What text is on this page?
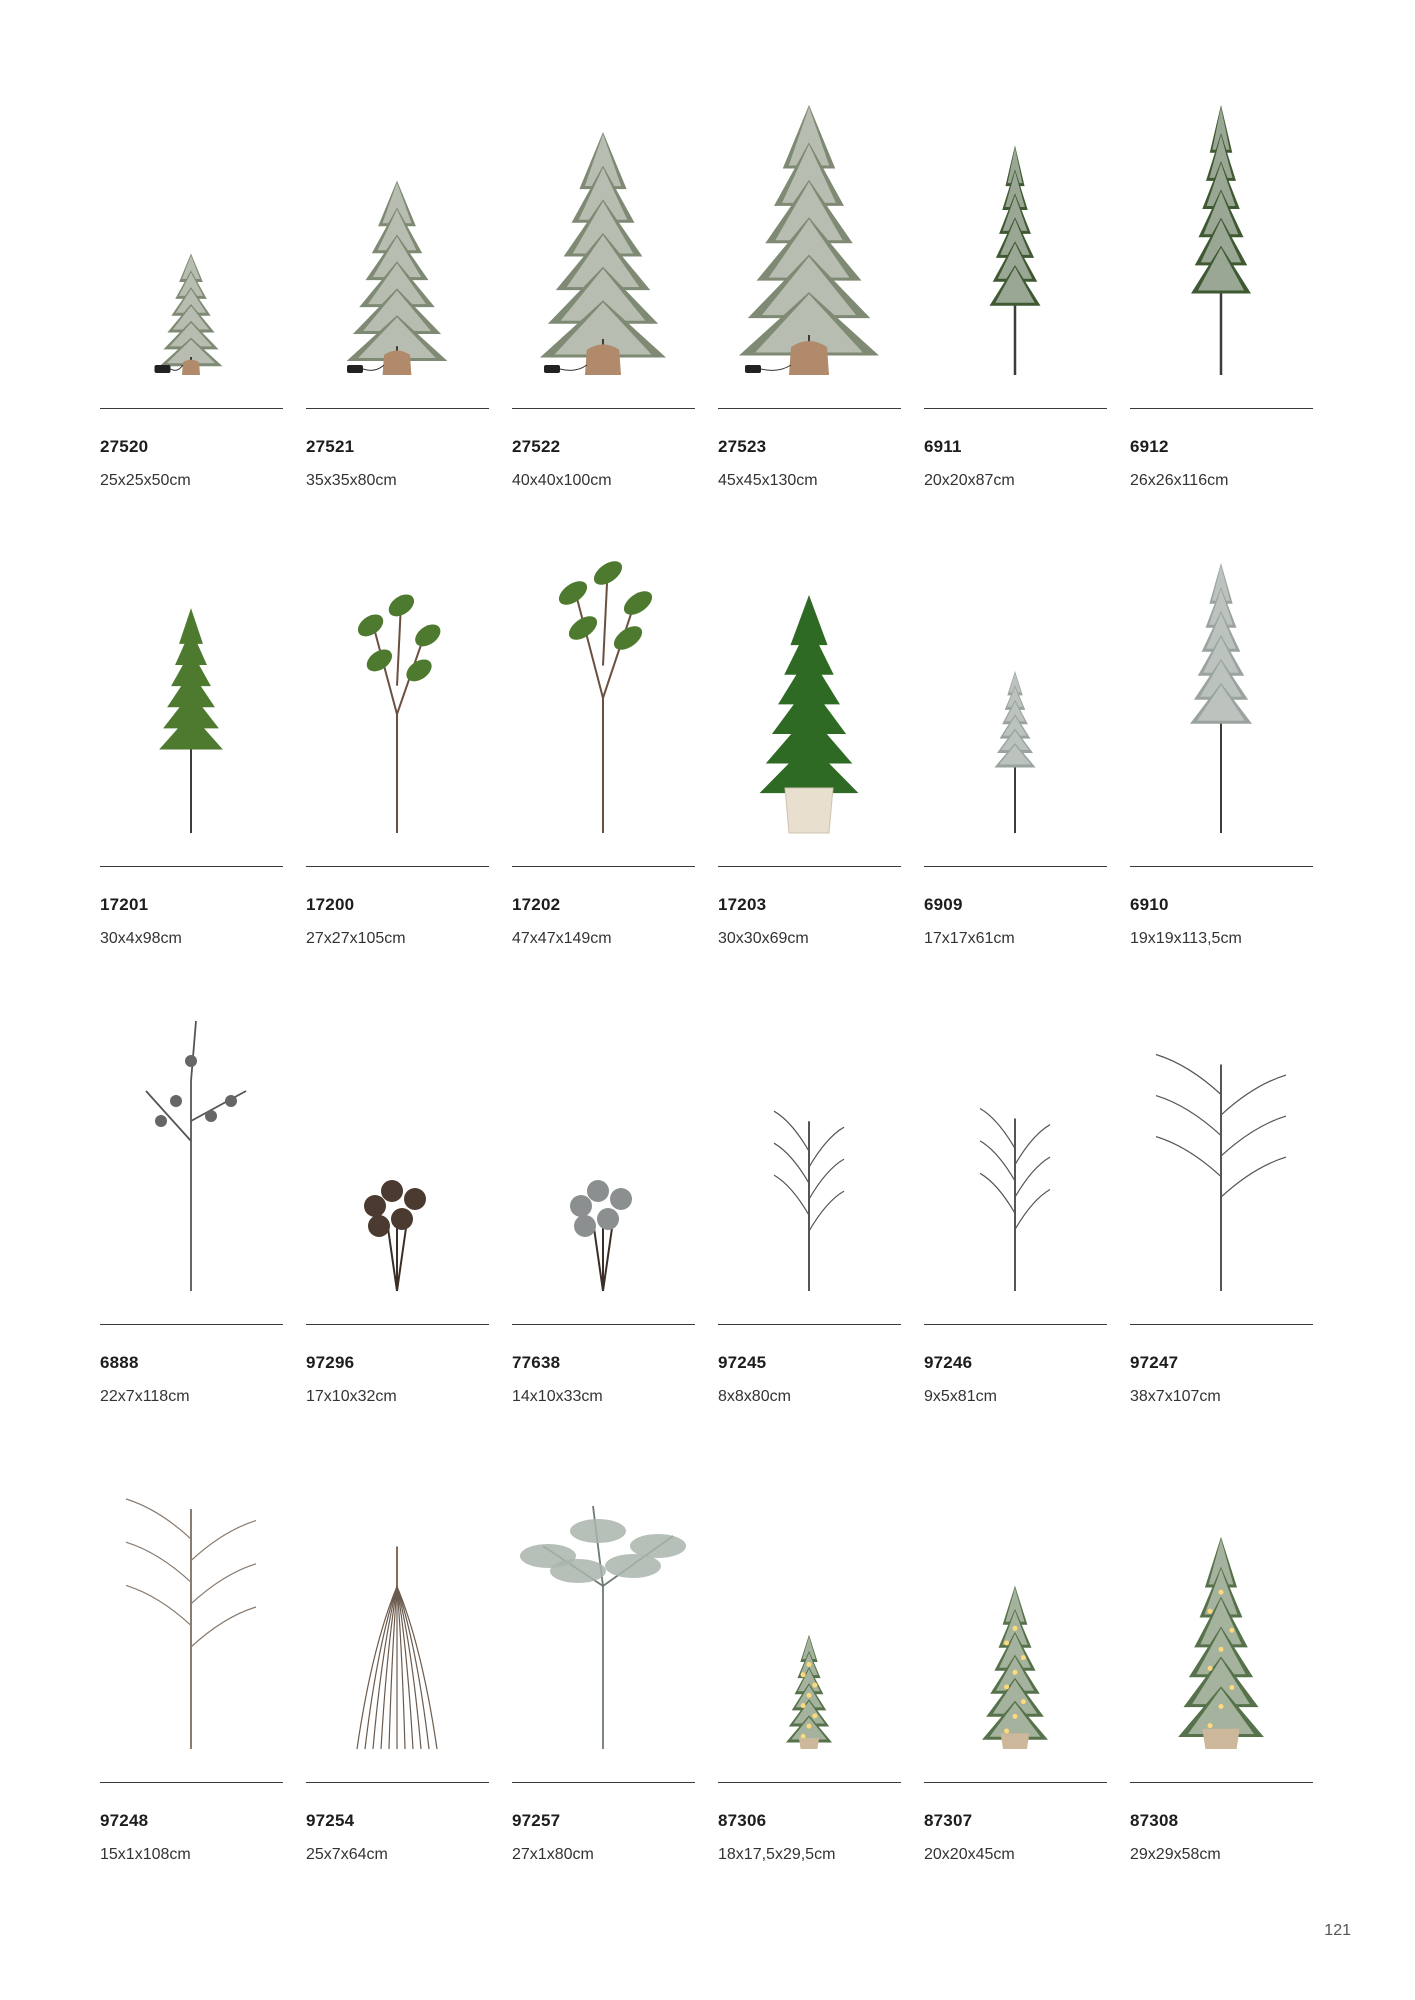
27520
25x25x50cm
27521
35x35x80cm
27522
40x40x100cm
27523
45x45x130cm
6911
20x20x87cm
6912
26x26x116cm
17201
30x4x98cm
17200
27x27x105cm
17202
47x47x149cm
17203
30x30x69cm
6909
17x17x61cm
6910
19x19x113,5cm
6888
22x7x118cm
97296
17x10x32cm
77638
14x10x33cm
97245
8x8x80cm
97246
9x5x81cm
97247
38x7x107cm
97248
15x1x108cm
97254
25x7x64cm
97257
27x1x80cm
87306
18x17,5x29,5cm
87307
20x20x45cm
87308
29x29x58cm
121
